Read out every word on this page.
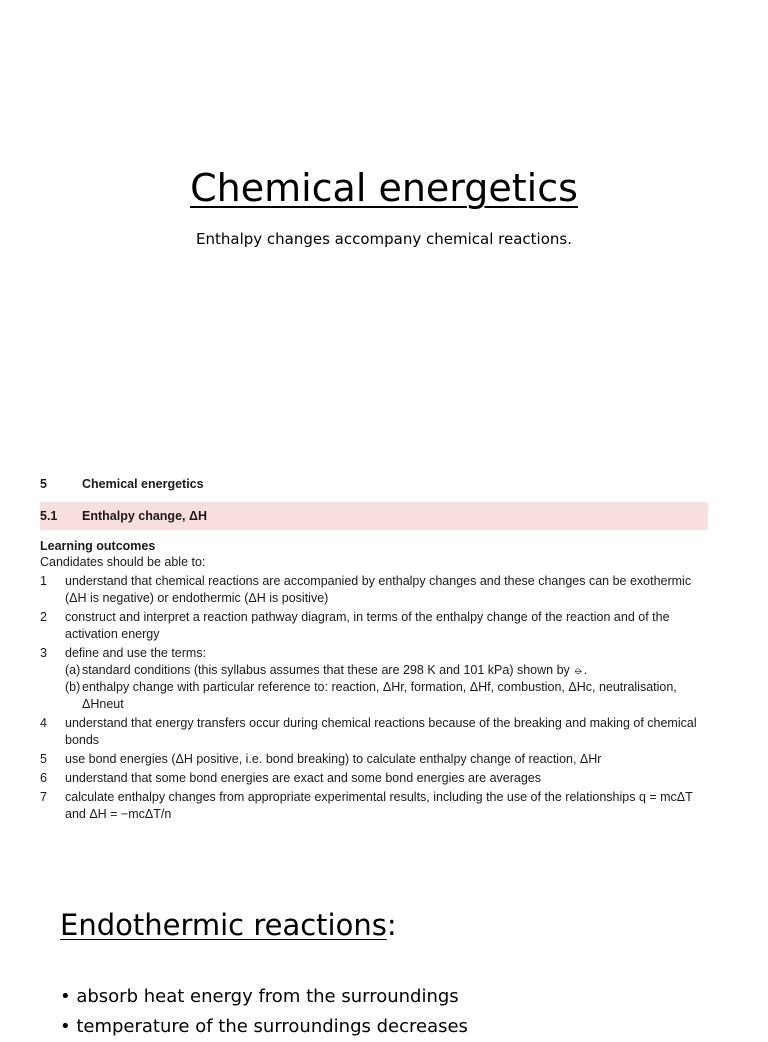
Chemical energetics
Enthalpy changes accompany chemical reactions.
5	Chemical energetics
5.1	Enthalpy change, ΔH
Learning outcomes
Candidates should be able to:
1	understand that chemical reactions are accompanied by enthalpy changes and these changes can be exothermic (ΔH is negative) or endothermic (ΔH is positive)
2	construct and interpret a reaction pathway diagram, in terms of the enthalpy change of the reaction and of the activation energy
3	define and use the terms:
(a) standard conditions (this syllabus assumes that these are 298 K and 101 kPa) shown by ⦵.
(b) enthalpy change with particular reference to: reaction, ΔHr, formation, ΔHf, combustion, ΔHc, neutralisation, ΔHneut
4	understand that energy transfers occur during chemical reactions because of the breaking and making of chemical bonds
5	use bond energies (ΔH positive, i.e. bond breaking) to calculate enthalpy change of reaction, ΔHr
6	understand that some bond energies are exact and some bond energies are averages
7	calculate enthalpy changes from appropriate experimental results, including the use of the relationships q = mcΔT and ΔH = −mcΔT/n
Endothermic reactions:
• absorb heat energy from the surroundings
• temperature of the surroundings decreases
